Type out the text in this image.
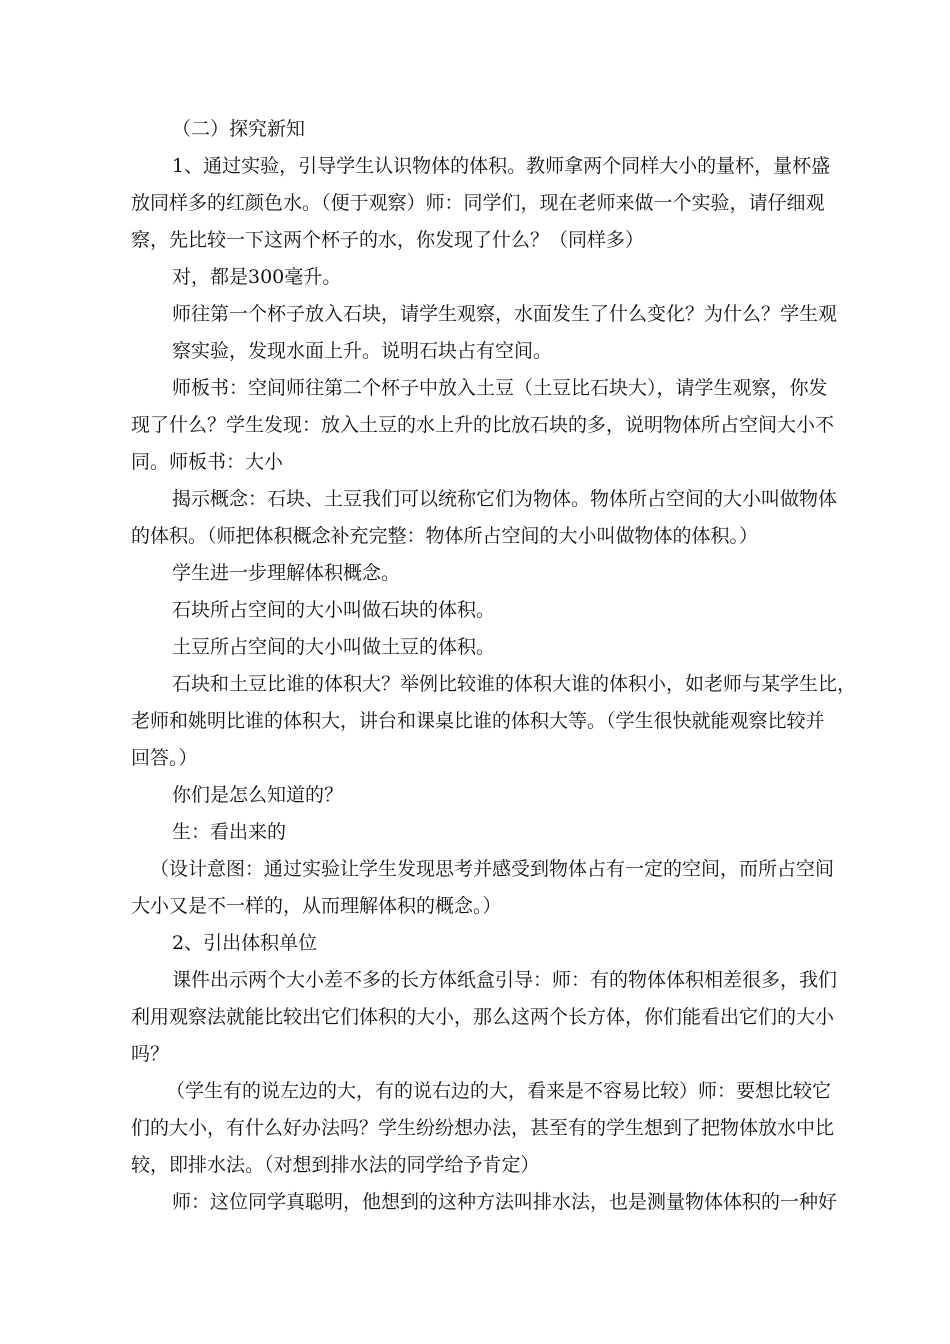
（二）探究新知
1、通过实验，引导学生认识物体的体积。教师拿两个同样大小的量杯，量杯盛
放同样多的红颜色水。（便于观察）师：同学们，现在老师来做一个实验，请仔细观
察，先比较一下这两个杯子的水，你发现了什么？（同样多）
对，都是300毫升。
师往第一个杯子放入石块，请学生观察，水面发生了什么变化？为什么？学生观
察实验，发现水面上升。说明石块占有空间。
师板书：空间师往第二个杯子中放入土豆（土豆比石块大），请学生观察，你发
现了什么？学生发现：放入土豆的水上升的比放石块的多，说明物体所占空间大小不
同。师板书：大小
揭示概念：石块、土豆我们可以统称它们为物体。物体所占空间的大小叫做物体
的体积。（师把体积概念补充完整：物体所占空间的大小叫做物体的体积。）
学生进一步理解体积概念。
石块所占空间的大小叫做石块的体积。
土豆所占空间的大小叫做土豆的体积。
石块和土豆比谁的体积大？举例比较谁的体积大谁的体积小，如老师与某学生比，
老师和姚明比谁的体积大，讲台和课桌比谁的体积大等。（学生很快就能观察比较并
回答。）
你们是怎么知道的？
生：看出来的
（设计意图：通过实验让学生发现思考并感受到物体占有一定的空间，而所占空间
大小又是不一样的，从而理解体积的概念。）
2、引出体积单位
课件出示两个大小差不多的长方体纸盒引导：师：有的物体体积相差很多，我们
利用观察法就能比较出它们体积的大小，那么这两个长方体，你们能看出它们的大小
吗？
（学生有的说左边的大，有的说右边的大，看来是不容易比较）师：要想比较它
们的大小，有什么好办法吗？学生纷纷想办法，甚至有的学生想到了把物体放水中比
较，即排水法。（对想到排水法的同学给予肯定）
师：这位同学真聪明，他想到的这种方法叫排水法，也是测量物体体积的一种好
